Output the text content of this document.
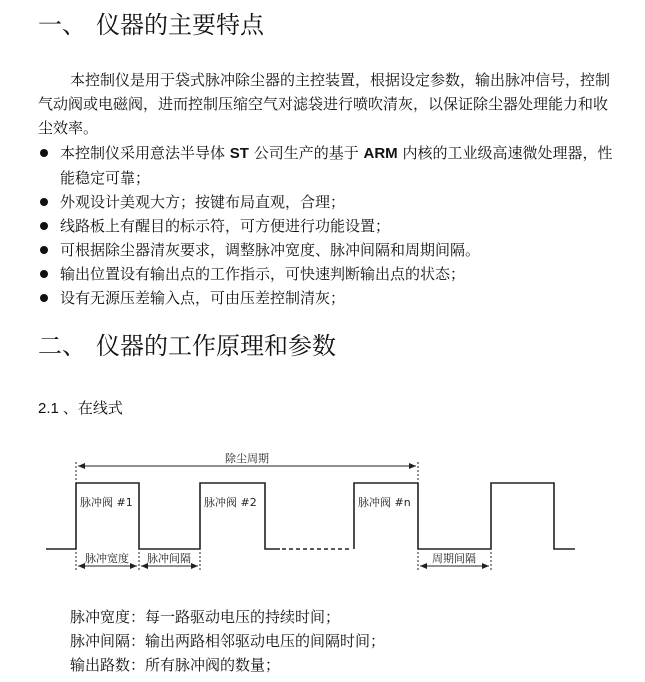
一、 仪器的主要特点

本控制仪是用于袋式脉冲除尘器的主控装置，根据设定参数，输出脉冲信号，控制气动阀或电磁阀，进而控制压缩空气对滤袋进行喷吹清灰，以保证除尘器处理能力和收尘效率。

本控制仪采用意法半导体 ST 公司生产的基于 ARM 内核的工业级高速微处理器，性能稳定可靠；
外观设计美观大方；按键布局直观，合理；
线路板上有醒目的标示符，可方便进行功能设置；
可根据除尘器清灰要求，调整脉冲宽度、脉冲间隔和周期间隔。
输出位置设有输出点的工作指示，可快速判断输出点的状态；
设有无源压差输入点，可由压差控制清灰；
二、 仪器的工作原理和参数

2.1 、在线式

除尘周期
脉冲阀 #1	脉冲阀 #2	脉冲阀 #n
脉冲宽度 脉冲间隔	周期间隔
脉冲宽度：每一路驱动电压的持续时间；
脉冲间隔：输出两路相邻驱动电压的间隔时间；
输出路数：所有脉冲阀的数量；
